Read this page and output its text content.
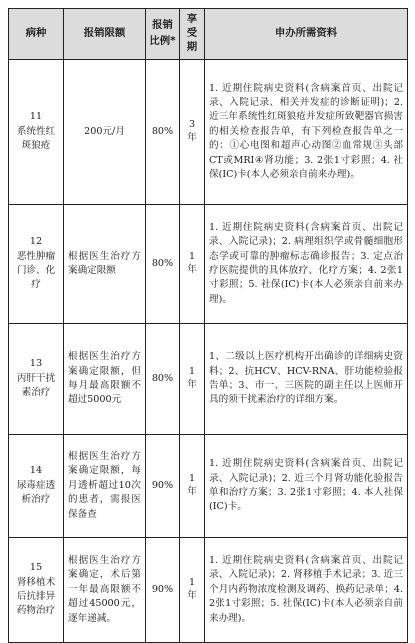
病种	报销限额	报销比例*	享受期	申办所需资料

11
系统性红斑狼疮	200元/月	80%	3年	1. 近期住院病史资料(含病案首页、出院记录、入院记录、相关并发症的诊断证明)；2. 近三年系统性红斑狼疮并发症所致靶器官损害的相关检查报告单，有下列检查报告单之一的：①心电图和超声心动图②血常规③头部CT或MRI④肾功能；3. 2张1寸彩照；4. 社保(IC)卡(本人必须亲自前来办理)。

12
恶性肿瘤门诊、化疗	根据医生治疗方案确定限额	80%	1年	1. 近期住院病史资料(含病案首页、出院记录、入院记录)；2. 病理组织学或骨髓细胞形态学或可靠的肿瘤标志确诊报告；3. 定点治疗医院提供的具体放疗、化疗方案；4. 2张1寸彩照；5. 社保(IC)卡(本人必须亲自前来办理)。

13
丙肝干扰素治疗	根据医生治疗方案确定限额，但每月最高限额不超过5000元	80%	1年	1、二级以上医疗机构开出确诊的详细病史资料；2、抗HCV、HCV-RNA、肝功能检验报告单；3、市一、三医院的副主任以上医师开具的须干扰素治疗的详细方案。

14
尿毒症透析治疗	根据医生治疗方案确定限额，每月透析超过10次的患者，需报医保备查	90%	1年	1. 近期住院病史资料(含病案首页、出院记录、入院记录)；2. 近三个月肾功能化验报告单和治疗方案；3. 2张1寸彩照；4. 本人社保(IC)卡。

15
肾移植术后抗排异药物治疗	根据医生治疗方案确定，术后第一年最高限额不超过45000元，逐年递减。	90%	1年	1. 近期住院病史资料(含病案首页、出院记录、入院记录)；2. 肾移植手术记录；3. 近三个月内药物浓度检测及调药、换药记录单；4. 2张1寸彩照；5. 社保(IC)卡(本人必须亲自前来办理)。
